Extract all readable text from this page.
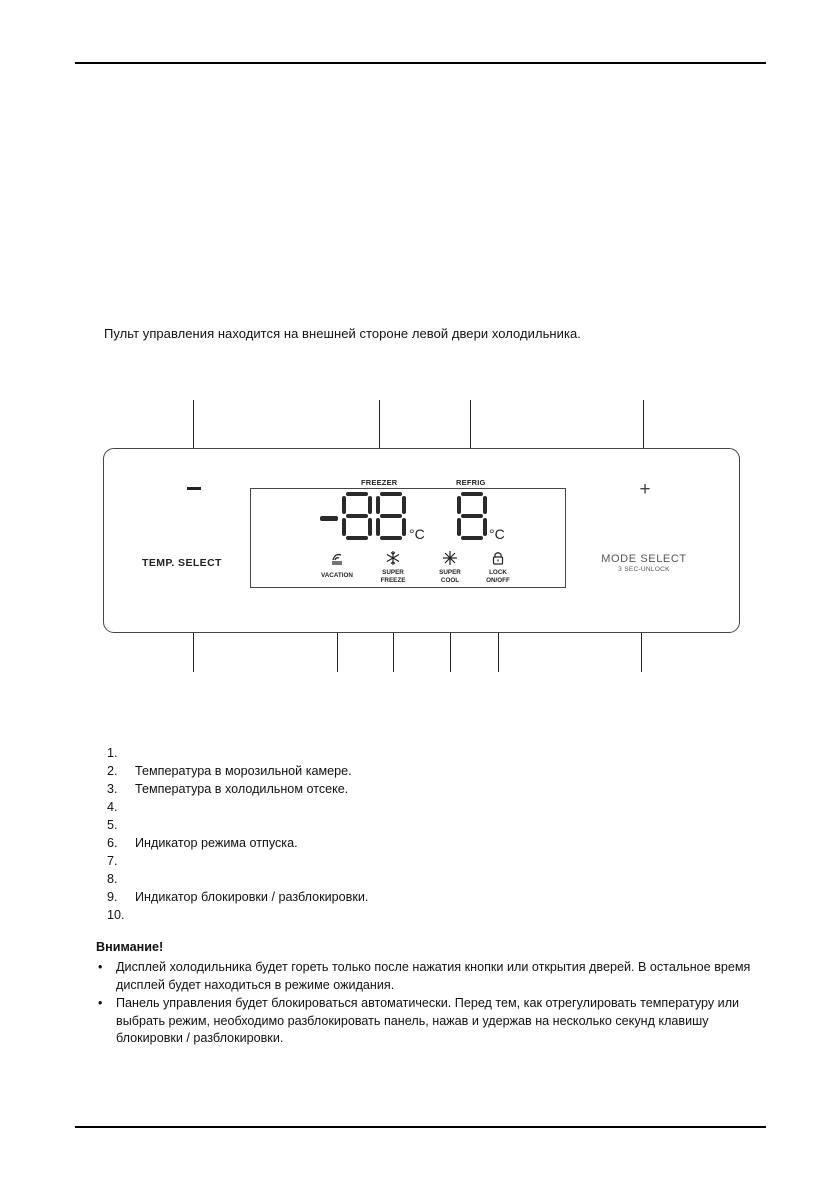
Пульт управления находится на внешней стороне левой двери холодильника.
+
TEMP. SELECT	MODE SELECT
3 SEC-UNLOCK
FREEZER	REFRIG
°C	°C
VACATION	SUPER
FREEZE
SUPER
COOL
LOCK
ON/OFF
1.
2. Температура в морозильной камере.
3. Температура в холодильном отсеке.
4.
5.
6. Индикатор режима отпуска.
7.
8.
9. Индикатор блокировки / разблокировки.
10.
Внимание!
• Дисплей холодильника будет гореть только после нажатия кнопки или открытия дверей. В остальное время дисплей будет находиться в режиме ожидания.
• Панель управления будет блокироваться автоматически. Перед тем, как отрегулировать температуру или выбрать режим, необходимо разблокировать панель, нажав и удержав на несколько секунд клавишу блокировки / разблокировки.
